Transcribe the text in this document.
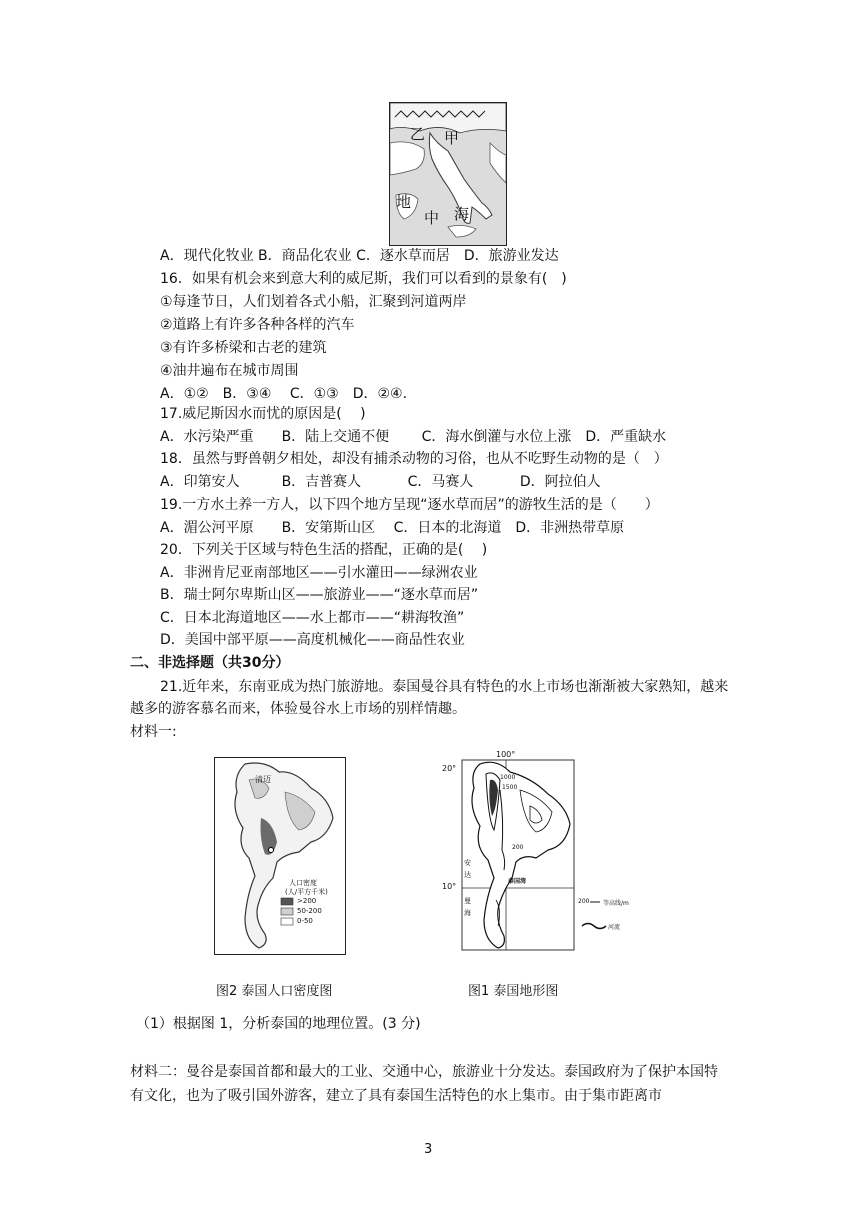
乙 甲
地
中 海
A．现代化牧业 B．商品化农业 C．逐水草而居　D．旅游业发达
16．如果有机会来到意大利的威尼斯，我们可以看到的景象有(　)
①每逢节日，人们划着各式小船，汇聚到河道两岸
②道路上有许多各种各样的汽车
③有许多桥梁和古老的建筑
④油井遍布在城市周围
A．①②　B．③④　 C．①③　D．②④.
17.威尼斯因水而忧的原因是(　 )
A．水污染严重　　B．陆上交通不便　　 C．海水倒灌与水位上涨　D．严重缺水
18．虽然与野兽朝夕相处，却没有捕杀动物的习俗，也从不吃野生动物的是（　）
A．印第安人　　　B．吉普赛人　　　 C．马赛人　　　 D．阿拉伯人
19.一方水土养一方人，以下四个地方呈现“逐水草而居”的游牧生活的是（　　）
A．湄公河平原　　B．安第斯山区　 C．日本的北海道　D．非洲热带草原
20．下列关于区域与特色生活的搭配，正确的是(　 )
A．非洲肯尼亚南部地区——引水灌田——绿洲农业
B．瑞士阿尔卑斯山区——旅游业——“逐水草而居”
C．日本北海道地区——水上都市——“耕海牧渔”
D．美国中部平原——高度机械化——商品性农业
二、非选择题（共30分）
21.近年来，东南亚成为热门旅游地。泰国曼谷具有特色的水上市场也渐渐被大家熟知，越来越多的游客慕名而来，体验曼谷水上市场的别样情趣。
材料一:
清迈
人口密度
(人/平方千米)
>200
50-200
0-50
图2 泰国人口密度图
20°
10°
100°
1000
1500
200
泰国湾
安
达
曼
海
200 等高线/m
河流
图1 泰国地形图
（1）根据图 1，分析泰国的地理位置。(3 分)
材料二：曼谷是泰国首都和最大的工业、交通中心，旅游业十分发达。泰国政府为了保护本国特有文化，也为了吸引国外游客，建立了具有泰国生活特色的水上集市。由于集市距离市
3
